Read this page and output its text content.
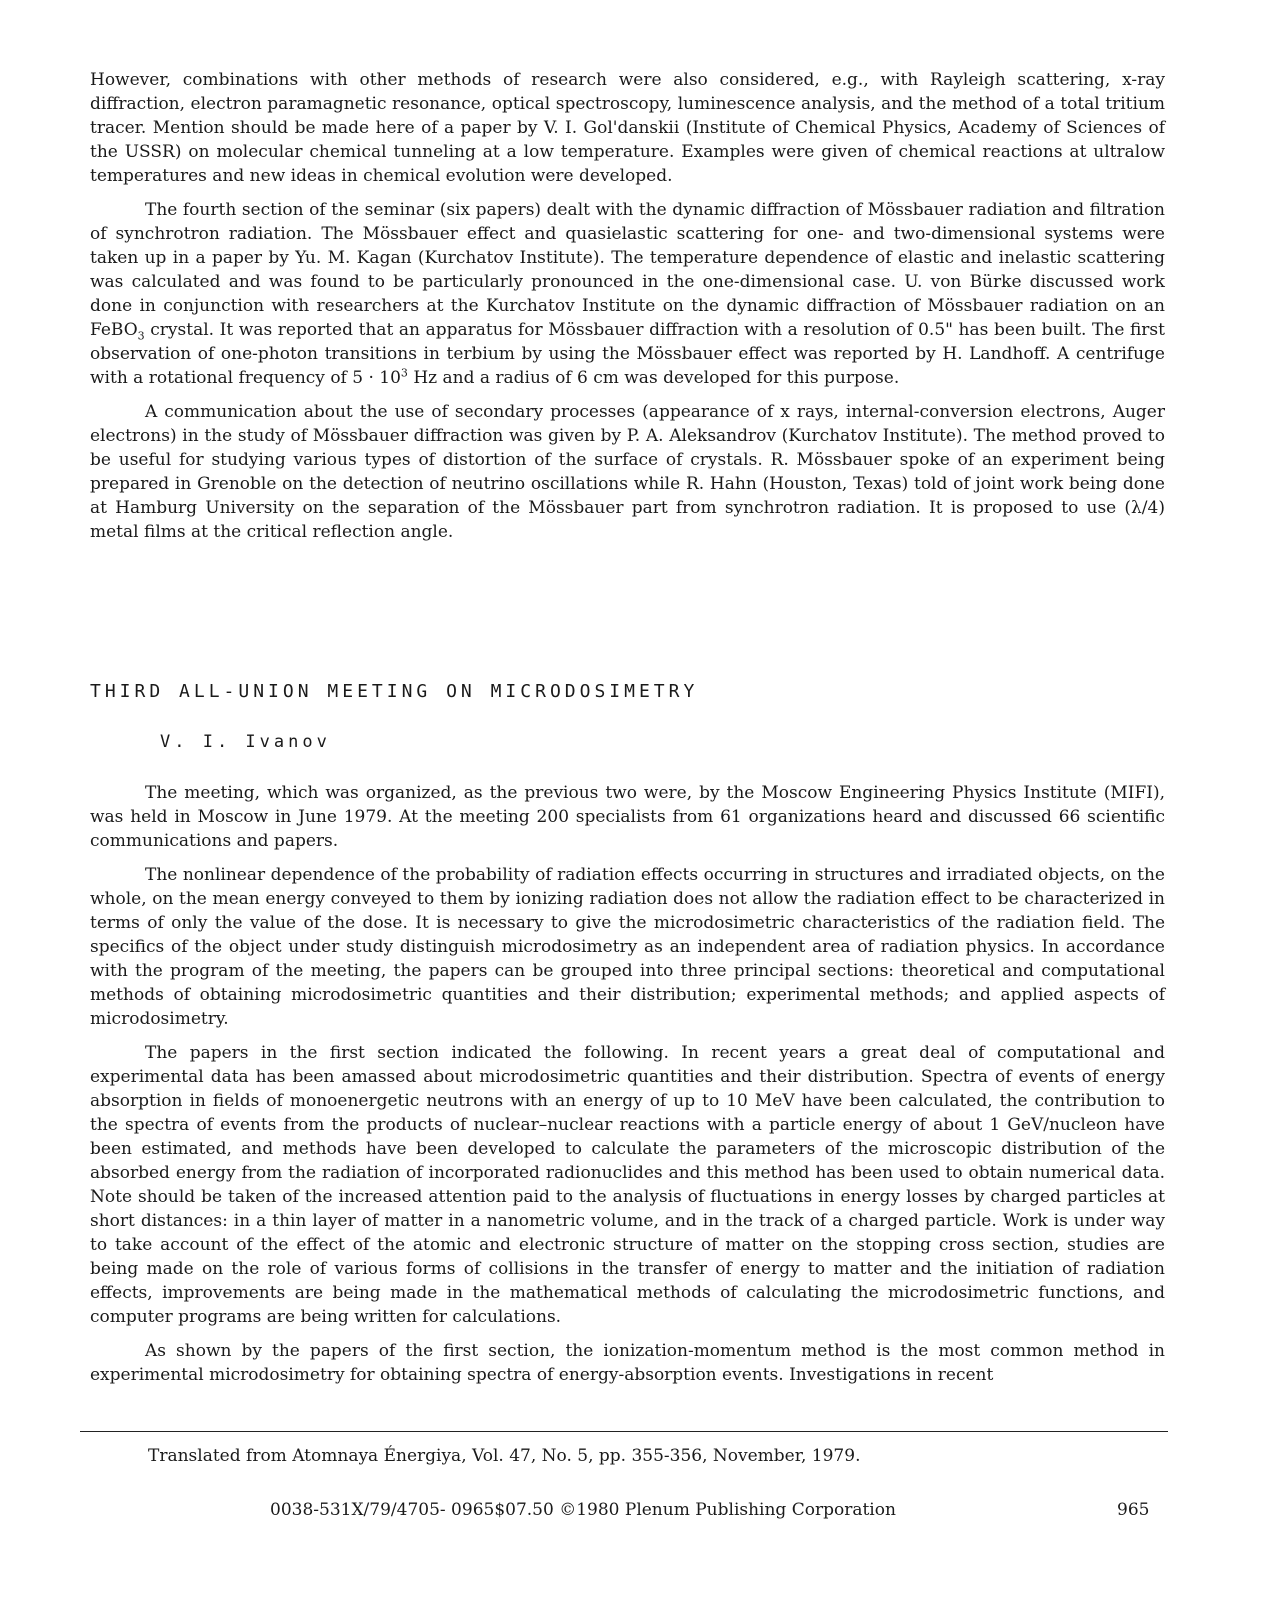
However, combinations with other methods of research were also considered, e.g., with Rayleigh scattering, x-ray diffraction, electron paramagnetic resonance, optical spectroscopy, luminescence analysis, and the method of a total tritium tracer. Mention should be made here of a paper by V. I. Gol'danskii (Institute of Chemical Physics, Academy of Sciences of the USSR) on molecular chemical tunneling at a low temperature. Examples were given of chemical reactions at ultralow temperatures and new ideas in chemical evolution were developed.

The fourth section of the seminar (six papers) dealt with the dynamic diffraction of Mössbauer radiation and filtration of synchrotron radiation. The Mössbauer effect and quasielastic scattering for one- and two-dimensional systems were taken up in a paper by Yu. M. Kagan (Kurchatov Institute). The temperature dependence of elastic and inelastic scattering was calculated and was found to be particularly pronounced in the one-dimensional case. U. von Bürke discussed work done in conjunction with researchers at the Kurchatov Institute on the dynamic diffraction of Mössbauer radiation on an FeBO$_3$ crystal. It was reported that an apparatus for Mössbauer diffraction with a resolution of 0.5" has been built. The first observation of one-photon transitions in terbium by using the Mössbauer effect was reported by H. Landhoff. A centrifuge with a rotational frequency of $5 \cdot 10^3$ Hz and a radius of 6 cm was developed for this purpose.

A communication about the use of secondary processes (appearance of x rays, internal-conversion electrons, Auger electrons) in the study of Mössbauer diffraction was given by P. A. Aleksandrov (Kurchatov Institute). The method proved to be useful for studying various types of distortion of the surface of crystals. R. Mössbauer spoke of an experiment being prepared in Grenoble on the detection of neutrino oscillations while R. Hahn (Houston, Texas) told of joint work being done at Hamburg University on the separation of the Mössbauer part from synchrotron radiation. It is proposed to use (λ/4) metal films at the critical reflection angle.

THIRD ALL-UNION MEETING ON MICRODOSIMETRY
V. I. Ivanov

The meeting, which was organized, as the previous two were, by the Moscow Engineering Physics Institute (MIFI), was held in Moscow in June 1979. At the meeting 200 specialists from 61 organizations heard and discussed 66 scientific communications and papers.

The nonlinear dependence of the probability of radiation effects occurring in structures and irradiated objects, on the whole, on the mean energy conveyed to them by ionizing radiation does not allow the radiation effect to be characterized in terms of only the value of the dose. It is necessary to give the microdosimetric characteristics of the radiation field. The specifics of the object under study distinguish microdosimetry as an independent area of radiation physics. In accordance with the program of the meeting, the papers can be grouped into three principal sections: theoretical and computational methods of obtaining microdosimetric quantities and their distribution; experimental methods; and applied aspects of microdosimetry.

The papers in the first section indicated the following. In recent years a great deal of computational and experimental data has been amassed about microdosimetric quantities and their distribution. Spectra of events of energy absorption in fields of monoenergetic neutrons with an energy of up to 10 MeV have been calculated, the contribution to the spectra of events from the products of nuclear–nuclear reactions with a particle energy of about 1 GeV/nucleon have been estimated, and methods have been developed to calculate the parameters of the microscopic distribution of the absorbed energy from the radiation of incorporated radionuclides and this method has been used to obtain numerical data. Note should be taken of the increased attention paid to the analysis of fluctuations in energy losses by charged particles at short distances: in a thin layer of matter in a nanometric volume, and in the track of a charged particle. Work is under way to take account of the effect of the atomic and electronic structure of matter on the stopping cross section, studies are being made on the role of various forms of collisions in the transfer of energy to matter and the initiation of radiation effects, improvements are being made in the mathematical methods of calculating the microdosimetric functions, and computer programs are being written for calculations.

As shown by the papers of the first section, the ionization-momentum method is the most common method in experimental microdosimetry for obtaining spectra of energy-absorption events. Investigations in recent

Translated from Atomnaya Énergiya, Vol. 47, No. 5, pp. 355-356, November, 1979.
0038-531X/79/4705- 0965$07.50 ©1980 Plenum Publishing Corporation	965
